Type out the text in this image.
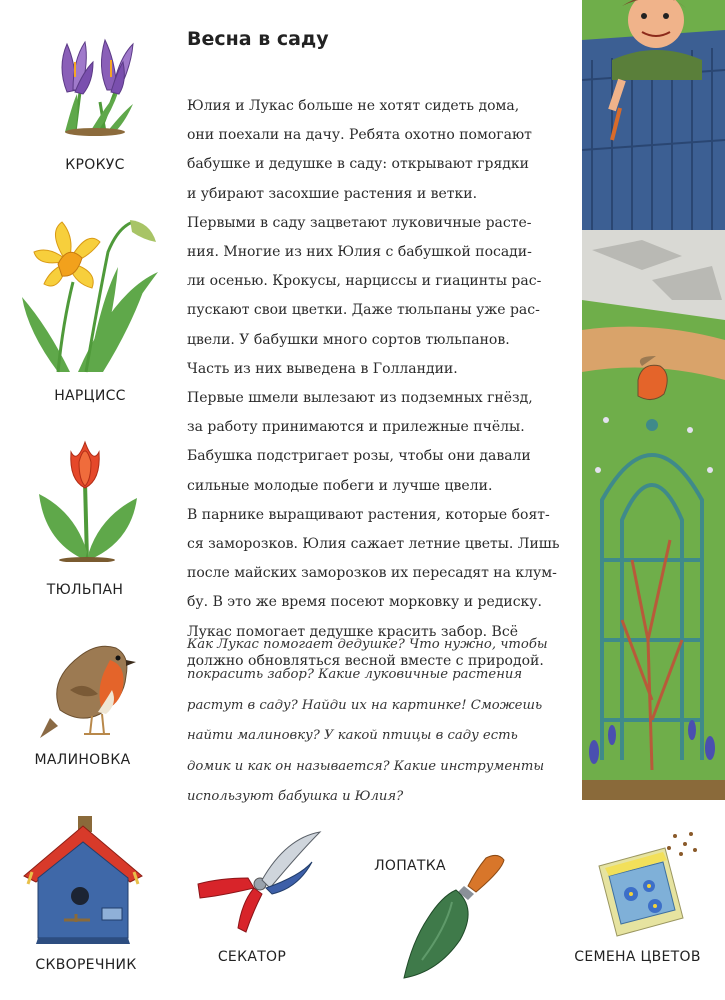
КРОКУС
НАРЦИСС
ТЮЛЬПАН
МАЛИНОВКА
СКВОРЕЧНИК
Весна в саду
Юлия и Лукас больше не хотят сидеть дома,
они поехали на дачу. Ребята охотно помогают
бабушке и дедушке в саду: открывают грядки
и убирают засохшие растения и ветки.
Первыми в саду зацветают луковичные расте-
ния. Многие из них Юлия с бабушкой посади-
ли осенью. Крокусы, нарциссы и гиацинты рас-
пускают свои цветки. Даже тюльпаны уже рас-
цвели. У бабушки много сортов тюльпанов.
Часть из них выведена в Голландии.
Первые шмели вылезают из подземных гнёзд,
за работу принимаются и прилежные пчёлы.
Бабушка подстригает розы, чтобы они давали
сильные молодые побеги и лучше цвели.
В парнике выращивают растения, которые боят-
ся заморозков. Юлия сажает летние цветы. Лишь
после майских заморозков их пересадят на клум-
бу. В это же время посеют морковку и редиску.
Лукас помогает дедушке красить забор. Всё
должно обновляться весной вместе с природой.
Как Лукас помогает дедушке? Что нужно, чтобы
покрасить забор? Какие луковичные растения
растут в саду? Найди их на картинке! Сможешь
найти малиновку? У какой птицы в саду есть
домик и как он называется? Какие инструменты
используют бабушка и Юлия?
СЕКАТОР
ЛОПАТКА
СЕМЕНА ЦВЕТОВ
